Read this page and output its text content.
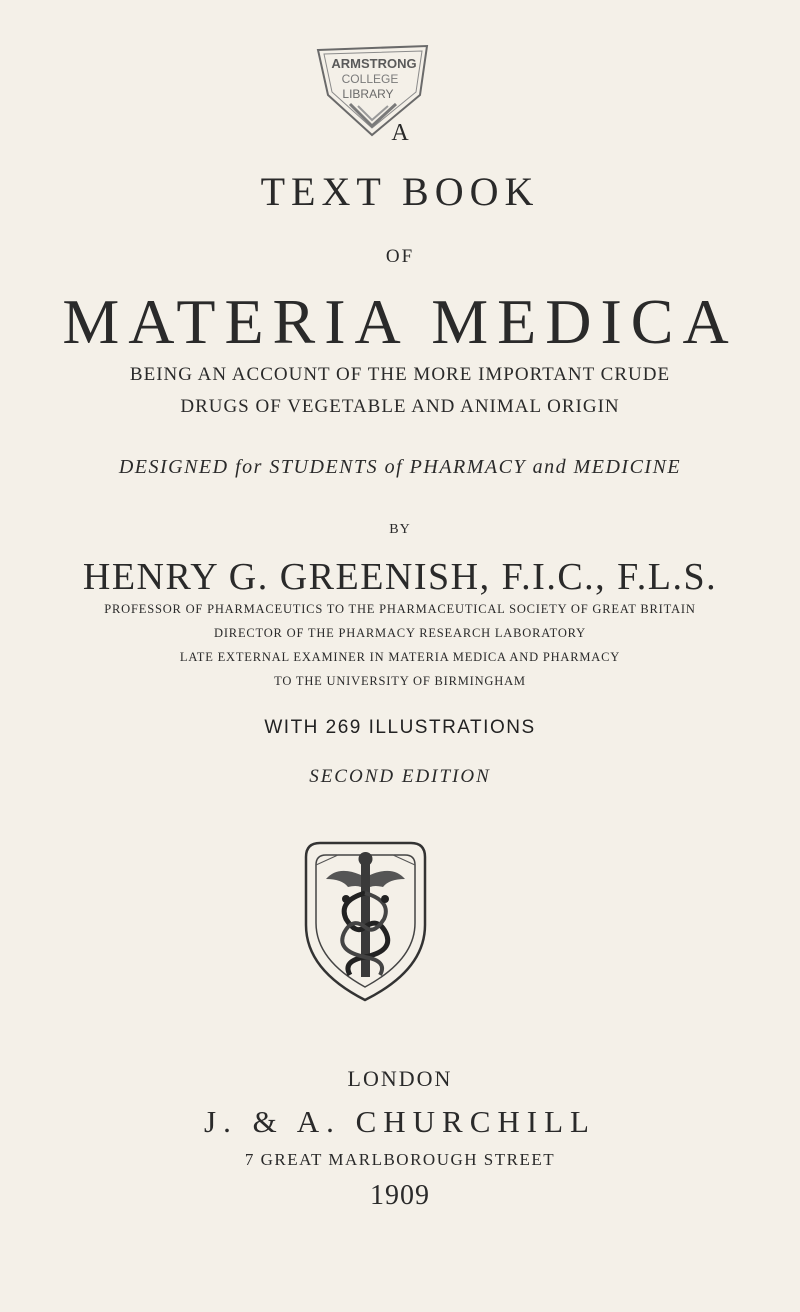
ARMSTRONG
COLLEGE
LIBRARY
A
TEXT BOOK
OF
MATERIA MEDICA
BEING AN ACCOUNT OF THE MORE IMPORTANT CRUDE
DRUGS OF VEGETABLE AND ANIMAL ORIGIN
DESIGNED for STUDENTS of PHARMACY and MEDICINE
BY
HENRY G. GREENISH, F.I.C., F.L.S.
PROFESSOR OF PHARMACEUTICS TO THE PHARMACEUTICAL SOCIETY OF GREAT BRITAIN
DIRECTOR OF THE PHARMACY RESEARCH LABORATORY
LATE EXTERNAL EXAMINER IN MATERIA MEDICA AND PHARMACY
TO THE UNIVERSITY OF BIRMINGHAM
WITH 269 ILLUSTRATIONS
SECOND EDITION
LONDON
J. & A. CHURCHILL
7 GREAT MARLBOROUGH STREET
1909
